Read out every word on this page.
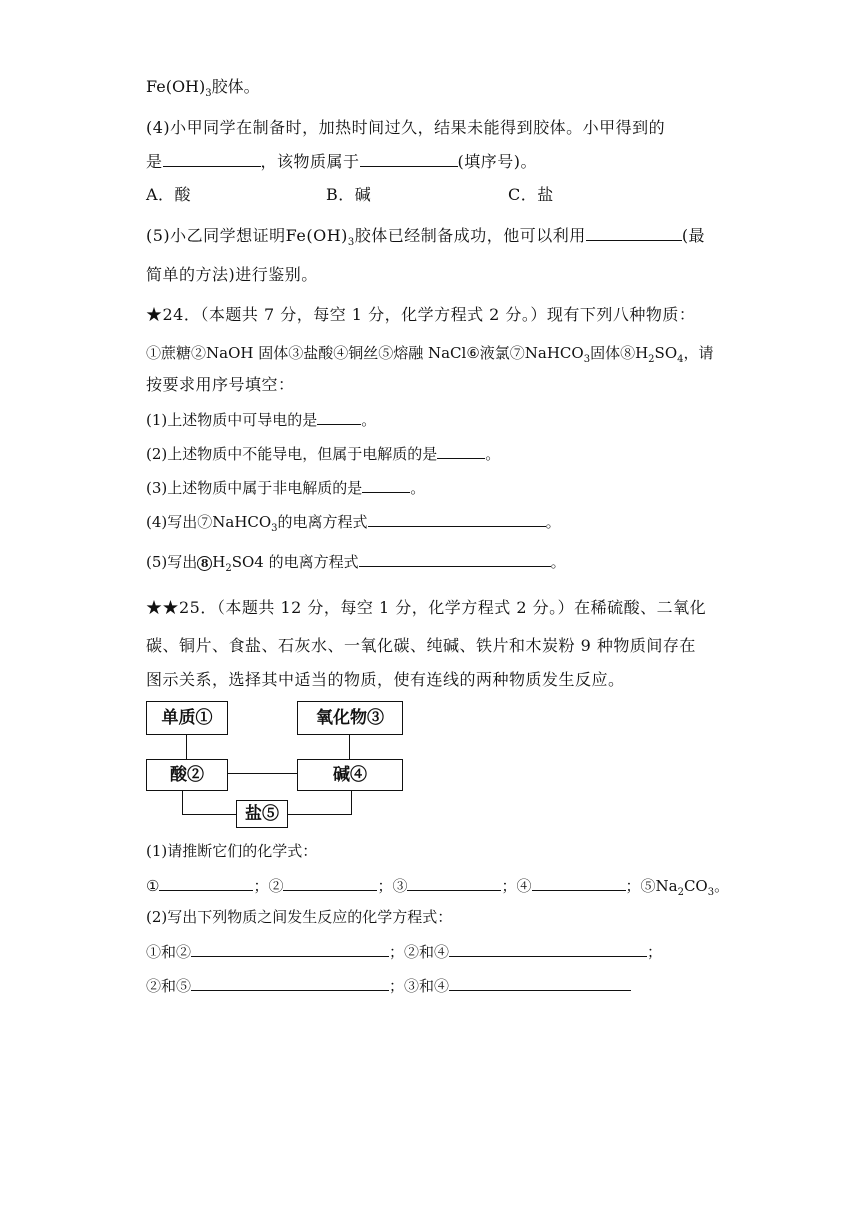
$Fe(OH)_3$胶体。
(4)小甲同学在制备时，加热时间过久，结果未能得到胶体。小甲得到的
是	，该物质属于	(填序号)。
A．酸	B．碱	C．盐
(5)小乙同学想证明$Fe(OH)_3$胶体已经制备成功，他可以利用	(最
简单的方法)进行鉴别。
★24．（本题共 7 分，每空 1 分，化学方程式 2 分。）现有下列八种物质：
①蔗糖②NaOH 固体③盐酸④铜丝⑤熔融 NaCl⑥液氯⑦NaHCO$_3$固体$⑧H_2SO_4$，请
按要求用序号填空：
(1)上述物质中可导电的是	。
(2)上述物质中不能导电，但属于电解质的是	。
(3)上述物质中属于非电解质的是	。
(4)写出⑦NaHCO$_3$的电离方程式	。
(5)写出 8 $H_2SO4$ 的电离方程式	。
★★25．（本题共 12 分，每空 1 分，化学方程式 2 分。）在稀硫酸、二氧化
碳、铜片、食盐、石灰水、一氧化碳、纯碱、铁片和木炭粉 9 种物质间存在
图示关系，选择其中适当的物质，使有连线的两种物质发生反应。
单质①	氧化物③
酸②	碱④
盐⑤
(1)请推断它们的化学式：
①	；②	；③	；④	；$⑤Na_2CO_3$。
(2)写出下列物质之间发生反应的化学方程式：
①和②	；②和④	；
②和⑤	；③和④
